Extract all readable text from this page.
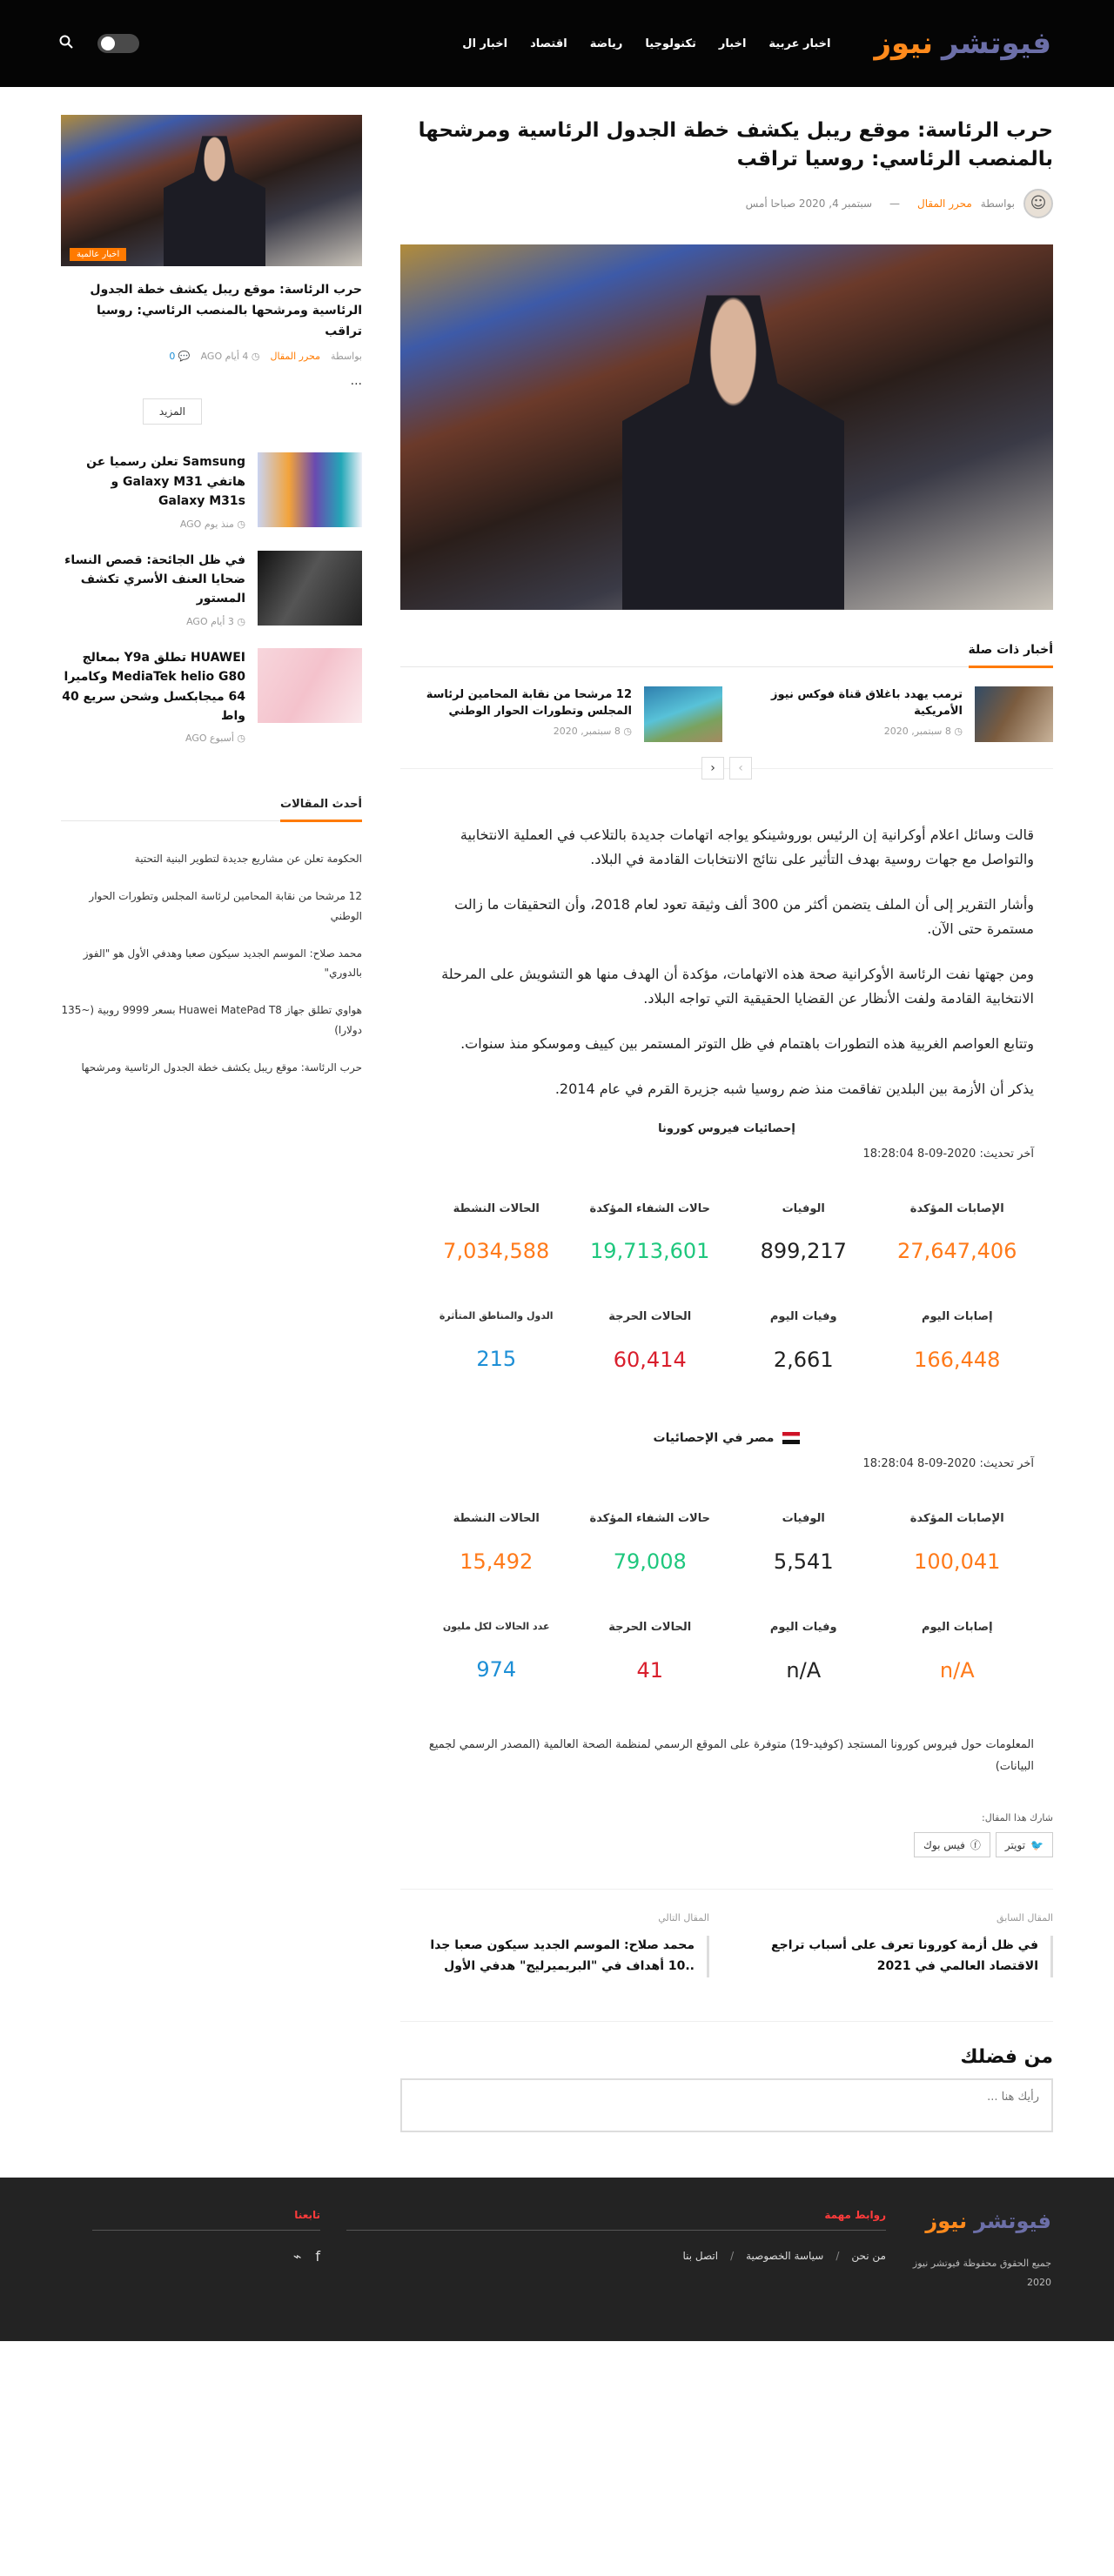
فيوتشر
نيوز
اخبار عربية
اخبار
تكنولوجيا
رياضة
اقتصاد
اخبار ال
حرب الرئاسة: موقع ريبل يكشف خطة الجدول الرئاسية ومرشحها بالمنصب الرئاسي: روسيا تراقب
☺
بواسطة
محرر المقال
—
سبتمبر 4, 2020 صباحا أمس
أخبار ذات صلة
ترمب يهدد باغلاق قناة فوكس نيوز الأمريكية
◷ 8 سبتمبر, 2020
12 مرشحا من نقابة المحامين لرئاسة المجلس وتطورات الحوار الوطني
◷ 8 سبتمبر, 2020
›
‹

قالت وسائل اعلام أوكرانية إن الرئيس بوروشينكو يواجه اتهامات جديدة بالتلاعب في العملية الانتخابية والتواصل مع جهات روسية بهدف التأثير على نتائج الانتخابات القادمة في البلاد.

وأشار التقرير إلى أن الملف يتضمن أكثر من 300 ألف وثيقة تعود لعام 2018، وأن التحقيقات ما زالت مستمرة حتى الآن.

ومن جهتها نفت الرئاسة الأوكرانية صحة هذه الاتهامات، مؤكدة أن الهدف منها هو التشويش على المرحلة الانتخابية القادمة ولفت الأنظار عن القضايا الحقيقية التي تواجه البلاد.

وتتابع العواصم الغربية هذه التطورات باهتمام في ظل التوتر المستمر بين كييف وموسكو منذ سنوات.

يذكر أن الأزمة بين البلدين تفاقمت منذ ضم روسيا شبه جزيرة القرم في عام 2014.

إحصائيات فيروس كورونا
آخر تحديث: 2020-09-8 18:28:04
الإصابات المؤكدة
27,647,406
الوفيات
899,217
حالات الشفاء المؤكدة
19,713,601
الحالات النشطة
7,034,588
إصابات اليوم
166,448
وفيات اليوم
2,661
الحالات الحرجة
60,414
الدول والمناطق المتأثرة
215
مصر في الإحصائيات
آخر تحديث: 2020-09-8 18:28:04
الإصابات المؤكدة
100,041
الوفيات
5,541
حالات الشفاء المؤكدة
79,008
الحالات النشطة
15,492
إصابات اليوم
n/A
وفيات اليوم
n/A
الحالات الحرجة
41
عدد الحالات لكل مليون
974
المعلومات حول فيروس كورونا المستجد (كوفيد-19) متوفرة على الموقع الرسمي لمنظمة الصحة العالمية (المصدر الرسمي لجميع البيانات)
شارك هذا المقال:
🐦
تويتر
ⓕ
فيس بوك
المقال السابق
في ظل أزمة كورونا تعرف على أسباب تراجع الاقتصاد العالمي في 2021
المقال التالي
محمد صلاح: الموسم الجديد سيكون صعبا جدا ..10 أهداف في "البريميرليج" هدفي الأول
من فضلك
رأيك هنا ...
اخبار عالمية
حرب الرئاسة: موقع ريبل يكشف خطة الجدول الرئاسية ومرشحها بالمنصب الرئاسي: روسيا تراقب
بواسطة
محرر المقال
◷ 4 أيام AGO
💬 0
...
المزيد
Samsung تعلن رسميا عن هاتفي Galaxy M31 و Galaxy M31s
◷ منذ يوم AGO
في ظل الجائحة: قصص النساء ضحايا العنف الأسري تكشف المستور
◷ 3 أيام AGO
HUAWEI تطلق Y9a بمعالج MediaTek helio G80 وكاميرا 64 ميجابكسل وشحن سريع 40 واط
◷ أسبوع AGO
أحدث المقالات
الحكومة تعلن عن مشاريع جديدة لتطوير البنية التحتية
12 مرشحا من نقابة المحامين لرئاسة المجلس وتطورات الحوار الوطني
محمد صلاح: الموسم الجديد سيكون صعبا وهدفي الأول هو "الفوز بالدوري"
هواوي تطلق جهاز Huawei MatePad T8 بسعر 9999 روبية (~135 دولارا)
حرب الرئاسة: موقع ريبل يكشف خطة الجدول الرئاسية ومرشحها
فيوتشر
نيوز
جميع الحقوق محفوظة فيوتشر نيوز 2020
روابط مهمة
من نحن
/
سياسة الخصوصية
/
اتصل بنا
تابعنا
f
⌁
